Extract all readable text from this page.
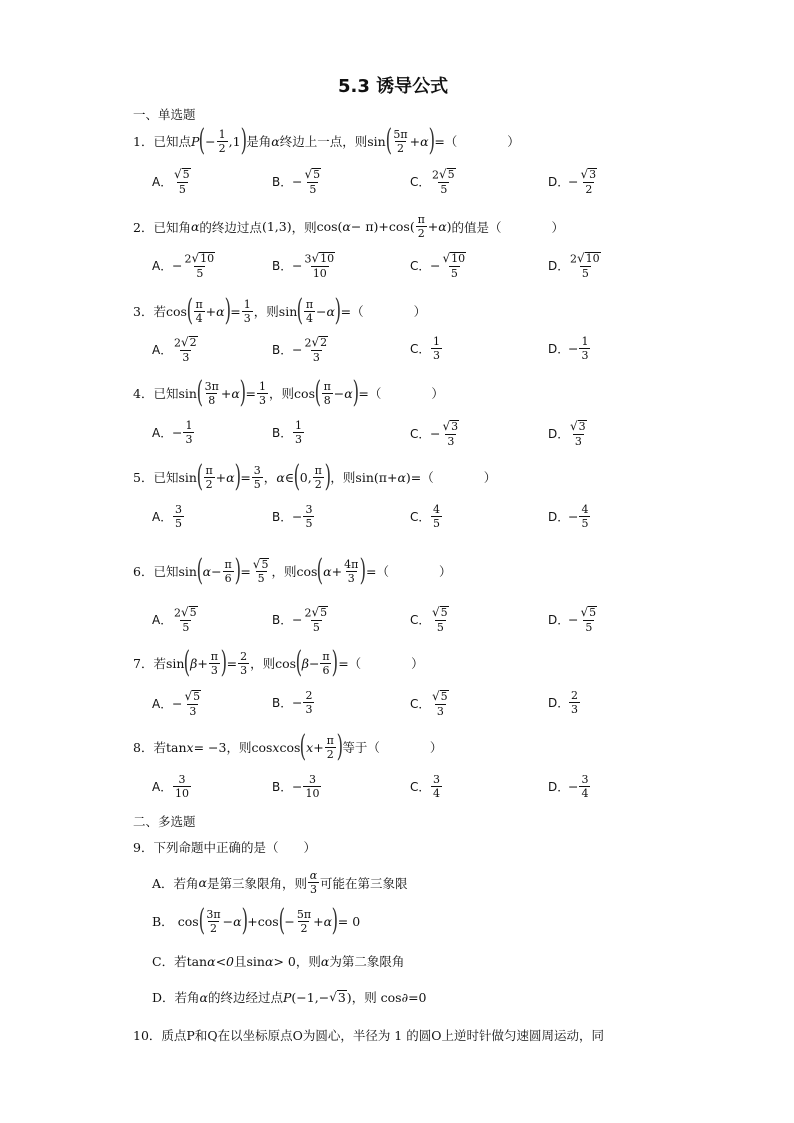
5.3 诱导公式
一、单选题
1． 已知点 P ( − $\frac{1}{2} ,1$ ) 是角 α 终边上一点，则 sin ( $\frac{5\pi}{2} + \alpha$ ) =（　　　　）
A． $\frac{√ 5}{5}$	B． − $\frac{√ 5}{5}$	C． $\frac{2 √ 5}{5}$	D．
− $\frac{√ 3}{2}$
2． 已知角 α 的终边过点 (1,3) ，则 cos( $\alpha - \pi)+\cos( \frac{\pi}{2} + \alpha$ ) 的值是（　　　　）
A． − $\frac{2 √ 10}{5}$	B． − $\frac{3 √ 10}{10}$	C． − $\frac{√ 10}{5}$	D． $\frac{2 √ 10}{5}$
3． 若 cos ( $\frac{\pi}{4} + \alpha$ ) = $\frac{1}{3}$ ，则 sin ( $\frac{\pi}{4} - \alpha$ ) =（　　　　）
A． $\frac{2 √ 2}{3}$	B． − $\frac{2 √ 2}{3}$	C． $\frac{1}{3}$	D．
− $\frac{1}{3}$
4． 已知 sin ( $\frac{3\pi}{8} + \alpha$ ) = $\frac{1}{3}$ ，则 cos ( $\frac{\pi}{8} - \alpha$ ) =（　　　　）
A． − $\frac{1}{3}$	B． $\frac{1}{3}$	C． − $\frac{√ 3}{3}$	D． $\frac{√ 3}{3}$
5． 已知 sin ( $\frac{\pi}{2} + \alpha$ ) = $\frac{3}{5}$ ， α ∈ ( 0, $\frac{\pi}{2}$ ) ，则 sin(π+ α ) =（　　　　）
A． $\frac{3}{5}$	B． − $\frac{3}{5}$	C． $\frac{4}{5}$	D．
− $\frac{4}{5}$
6． 已知 sin ( $\alpha - \frac{\pi}{6}$ ) = $\frac{√ 5}{5}$ ，则 cos ( $\alpha + \frac{4\pi}{3}$ ) =（　　　　）
A． $\frac{2 √ 5}{5}$	B． − $\frac{2 √ 5}{5}$	C． $\frac{√ 5}{5}$	D．
− $\frac{√ 5}{5}$
7． 若 sin ( $\beta + \frac{\pi}{3}$ ) = $\frac{2}{3}$ ，则 cos ( $\beta - \frac{\pi}{6}$ ) =（　　　　）
A． − $\frac{√ 5}{3}$	B． − $\frac{2}{3}$	C． $\frac{√ 5}{3}$	D． $\frac{2}{3}$
8． 若 tan x = −3 ，则 cos x cos ( $x + \frac{\pi}{2}$ ) 等于（　　　　）
A． $\frac{3}{10}$	B． − $\frac{3}{10}$	C． $\frac{3}{4}$	D．
− $\frac{3}{4}$
二、多选题
9． 下列命题中正确的是（　　）
A．若角 α 是第三象限角，则 $\frac{\alpha}{3}$ 可能在第三象限
B． cos ( $\frac{3\pi}{2} - \alpha$ ) +cos ( − $\frac{5\pi}{2} + \alpha$ ) = 0
C．若 tan α < 0 且 sin α > 0 ，则 α 为第二象限角
D．若角 α 的终边经过点 P (−1,− √ 3 ) ，则 cos∂=0
10． 质点P和Q在以坐标原点O为圆心，半径为 1 的圆O上逆时针做匀速圆周运动，同
